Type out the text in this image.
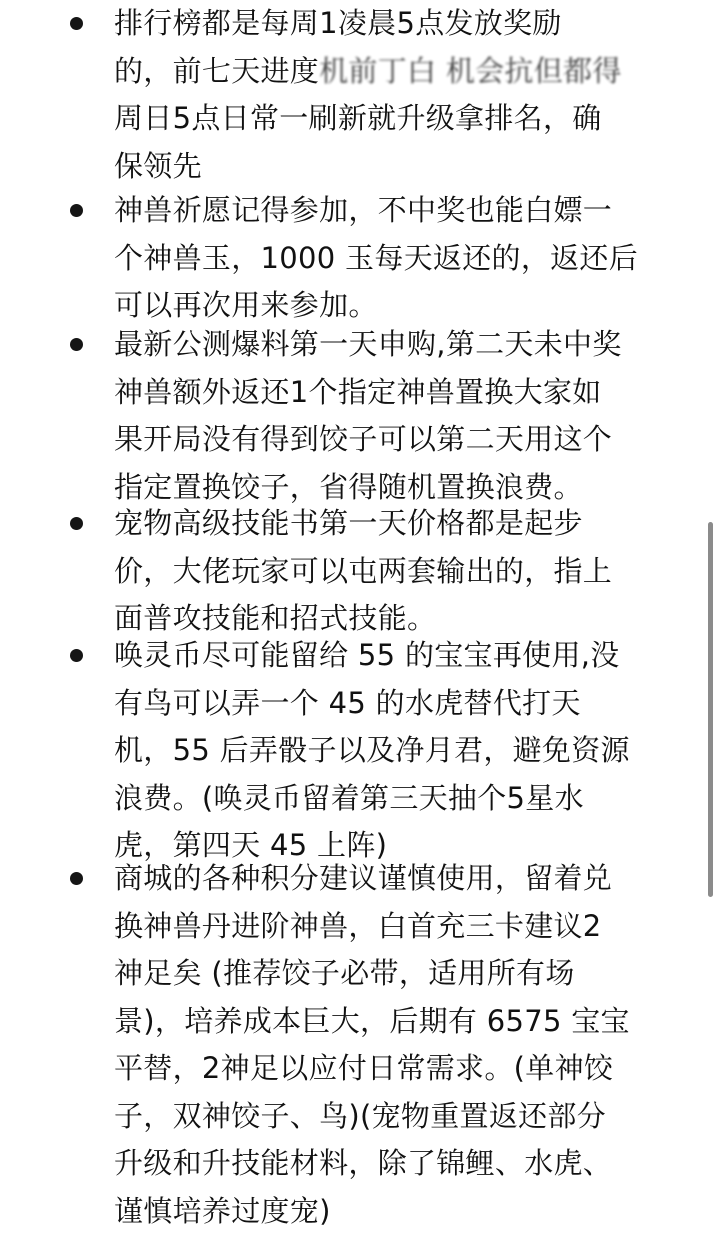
排行榜都是每周1凌晨5点发放奖励
的，前七天进度机前丁白 机会抗但都得
周日5点日常一刷新就升级拿排名，确
保领先
神兽祈愿记得参加，不中奖也能白嫖一
个神兽玉，1000 玉每天返还的，返还后
可以再次用来参加。
最新公测爆料第一天申购,第二天未中奖
神兽额外返还1个指定神兽置换大家如
果开局没有得到饺子可以第二天用这个
指定置换饺子，省得随机置换浪费。
宠物高级技能书第一天价格都是起步
价，大佬玩家可以屯两套输出的，指上
面普攻技能和招式技能。
唤灵币尽可能留给 55 的宝宝再使用,没
有鸟可以弄一个 45 的水虎替代打天
机，55 后弄骰子以及净月君，避免资源
浪费。(唤灵币留着第三天抽个5星水
虎，第四天 45 上阵)
商城的各种积分建议谨慎使用，留着兑
换神兽丹进阶神兽，白首充三卡建议2
神足矣 (推荐饺子必带，适用所有场
景)，培养成本巨大，后期有 6575 宝宝
平替，2神足以应付日常需求。(单神饺
子，双神饺子、鸟)(宠物重置返还部分
升级和升技能材料，除了锦鲤、水虎、
谨慎培养过度宠)
